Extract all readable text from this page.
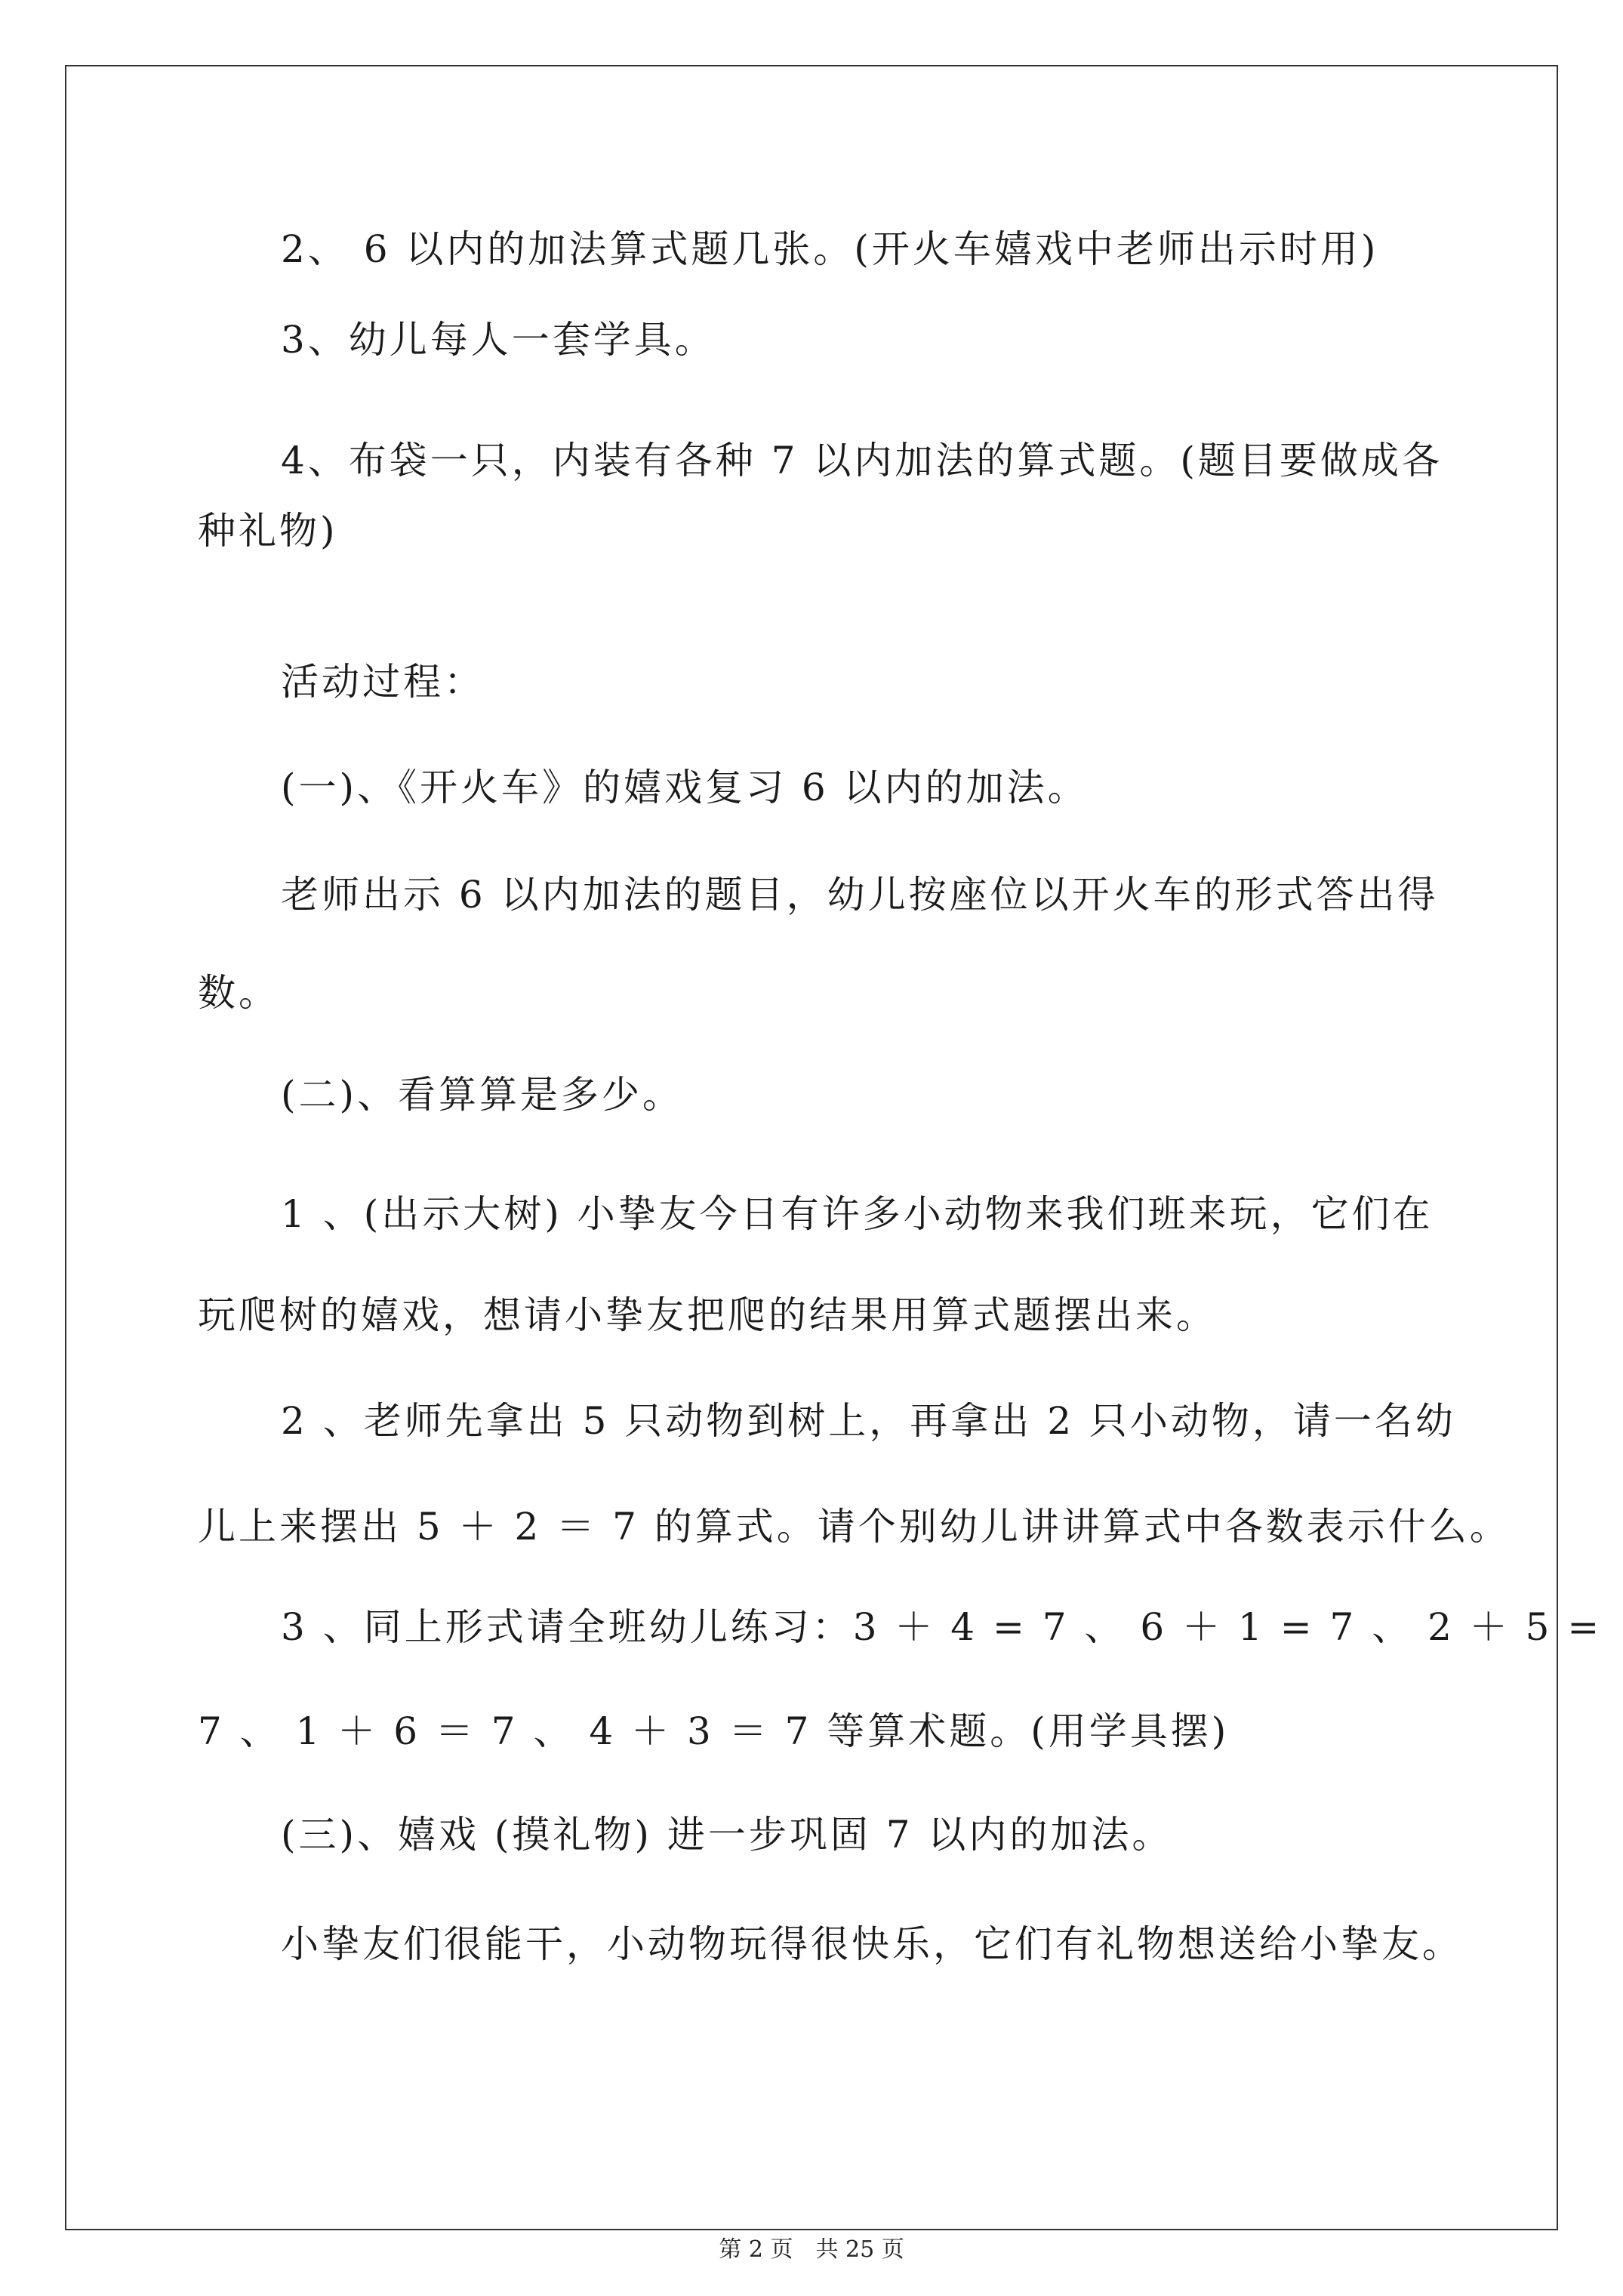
2、 6 以内的加法算式题几张。(开火车嬉戏中老师出示时用)
3、幼儿每人一套学具。
4、布袋一只，内装有各种 7 以内加法的算式题。(题目要做成各
种礼物)
活动过程：
(一)、《开火车》的嬉戏复习 6 以内的加法。
老师出示 6 以内加法的题目，幼儿按座位以开火车的形式答出得
数。
(二)、看算算是多少。
1 、(出示大树) 小挚友今日有许多小动物来我们班来玩，它们在
玩爬树的嬉戏，想请小挚友把爬的结果用算式题摆出来。
2 、老师先拿出 5 只动物到树上，再拿出 2 只小动物，请一名幼
儿上来摆出 5 ＋ 2 ＝ 7 的算式。请个别幼儿讲讲算式中各数表示什么。
3 、同上形式请全班幼儿练习：3 ＋ 4 = 7 、 6 ＋ 1 = 7 、 2 ＋ 5 =
7 、 1 ＋ 6 ＝ 7 、 4 ＋ 3 ＝ 7 等算术题。(用学具摆)
(三)、嬉戏 (摸礼物) 进一步巩固 7 以内的加法。
小挚友们很能干，小动物玩得很快乐，它们有礼物想送给小挚友。
第 2 页　共 25 页
